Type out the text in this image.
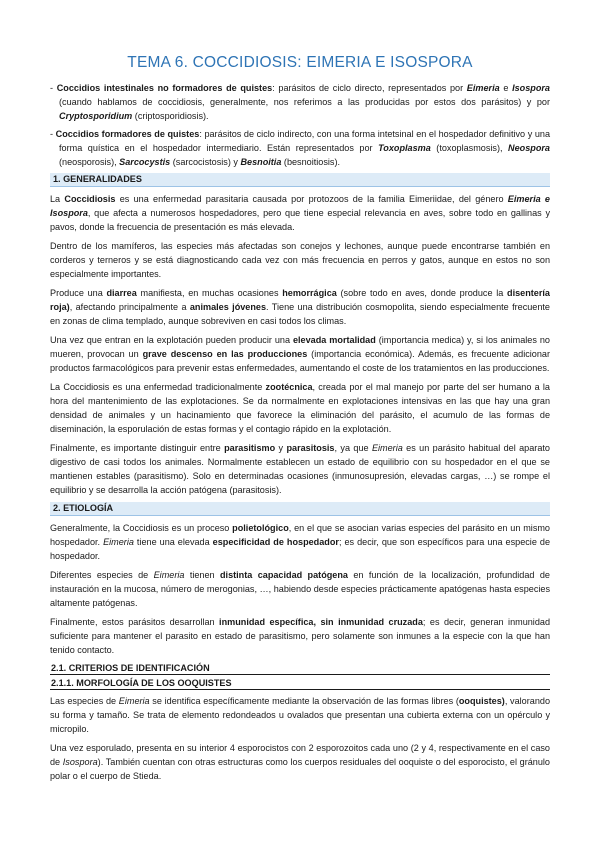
TEMA 6. COCCIDIOSIS: EIMERIA E ISOSPORA
- Coccidios intestinales no formadores de quistes: parásitos de ciclo directo, representados por Eimeria e Isospora (cuando hablamos de coccidiosis, generalmente, nos referimos a las producidas por estos dos parásitos) y por Cryptosporidium (criptosporidiosis).
- Coccidios formadores de quistes: parásitos de ciclo indirecto, con una forma intetsinal en el hospedador definitivo y una forma quística en el hospedador intermediario. Están representados por Toxoplasma (toxoplasmosis), Neospora (neosporosis), Sarcocystis (sarcocistosis) y Besnoitia (besnoitiosis).
1. GENERALIDADES

La Coccidiosis es una enfermedad parasitaria causada por protozoos de la familia Eimeriidae, del género Eimeria e Isospora, que afecta a numerosos hospedadores, pero que tiene especial relevancia en aves, sobre todo en gallinas y pavos, donde la frecuencia de presentación es más elevada.

Dentro de los mamíferos, las especies más afectadas son conejos y lechones, aunque puede encontrarse también en corderos y terneros y se está diagnosticando cada vez con más frecuencia en perros y gatos, aunque en estos no son especialmente importantes.

Produce una diarrea manifiesta, en muchas ocasiones hemorrágica (sobre todo en aves, donde produce la disentería roja), afectando principalmente a animales jóvenes. Tiene una distribución cosmopolita, siendo especialmente frecuente en zonas de clima templado, aunque sobreviven en casi todos los climas.

Una vez que entran en la explotación pueden producir una elevada mortalidad (importancia medica) y, si los animales no mueren, provocan un grave descenso en las producciones (importancia económica). Además, es frecuente adicionar productos farmacológicos para prevenir estas enfermedades, aumentando el coste de los tratamientos en las producciones.

La Coccidiosis es una enfermedad tradicionalmente zootécnica, creada por el mal manejo por parte del ser humano a la hora del mantenimiento de las explotaciones. Se da normalmente en explotaciones intensivas en las que hay una gran densidad de animales y un hacinamiento que favorece la eliminación del parásito, el acumulo de las formas de diseminación, la esporulación de estas formas y el contagio rápido en la explotación.

Finalmente, es importante distinguir entre parasitismo y parasitosis, ya que Eimeria es un parásito habitual del aparato digestivo de casi todos los animales. Normalmente establecen un estado de equilibrio con su hospedador en el que se mantienen estables (parasitismo). Solo en determinadas ocasiones (inmunosupresión, elevadas cargas, …) se rompe el equilibrio y se desarrolla la acción patógena (parasitosis).

2. ETIOLOGÍA

Generalmente, la Coccidiosis es un proceso polietológico, en el que se asocian varias especies del parásito en un mismo hospedador. Eimeria tiene una elevada especificidad de hospedador; es decir, que son específicos para una especie de hospedador.

Diferentes especies de Eimeria tienen distinta capacidad patógena en función de la localización, profundidad de instauración en la mucosa, número de merogonias, …, habiendo desde especies prácticamente apatógenas hasta especies altamente patógenas.

Finalmente, estos parásitos desarrollan inmunidad específica, sin inmunidad cruzada; es decir, generan inmunidad suficiente para mantener el parasito en estado de parasitismo, pero solamente son inmunes a la especie con la que han tenido contacto.

2.1. CRITERIOS DE IDENTIFICACIÓN
2.1.1. MORFOLOGÍA DE LOS OOQUISTES

Las especies de Eimeria se identifica específicamente mediante la observación de las formas libres (ooquistes), valorando su forma y tamaño. Se trata de elemento redondeados u ovalados que presentan una cubierta externa con un opérculo y micropilo.

Una vez esporulado, presenta en su interior 4 esporocistos con 2 esporozoitos cada uno (2 y 4, respectivamente en el caso de Isospora). También cuentan con otras estructuras como los cuerpos residuales del ooquiste o del esporocisto, el gránulo polar o el cuerpo de Stieda.
